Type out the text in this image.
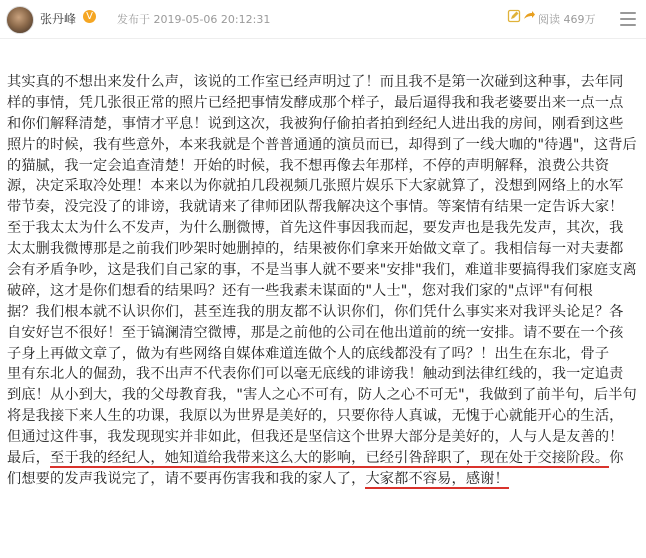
张丹峰	V 发布于 2019-05-06 20:12:31	阅读 469万
其实真的不想出来发什么声，该说的工作室已经声明过了！而且我不是第一次碰到这种事，去年同
样的事情，凭几张很正常的照片已经把事情发酵成那个样子，最后逼得我和我老婆要出来一点一点
和你们解释清楚，事情才平息！说到这次，我被狗仔偷拍者拍到经纪人进出我的房间，刚看到这些
照片的时候，我有些意外，本来我就是个普普通通的演员而已，却得到了一线大咖的"待遇"，这背后
的猫腻，我一定会追查清楚！开始的时候，我不想再像去年那样，不停的声明解释，浪费公共资
源，决定采取冷处理！本来以为你就拍几段视频几张照片娱乐下大家就算了，没想到网络上的水军
带节奏，没完没了的诽谤，我就请来了律师团队帮我解决这个事情。等案情有结果一定告诉大家！
至于我太太为什么不发声，为什么删微博，首先这件事因我而起，要发声也是我先发声，其次，我
太太删我微博那是之前我们吵架时她删掉的，结果被你们拿来开始做文章了。我相信每一对夫妻都
会有矛盾争吵，这是我们自己家的事，不是当事人就不要来"安排"我们，难道非要搞得我们家庭支离
破碎，这才是你们想看的结果吗？还有一些我素未谋面的"人士"，您对我们家的"点评"有何根
据？我们根本就不认识你们，甚至连我的朋友都不认识你们，你们凭什么事实来对我评头论足？各
自安好岂不很好！至于镐澜清空微博，那是之前他的公司在他出道前的统一安排。请不要在一个孩
子身上再做文章了，做为有些网络自媒体难道连做个人的底线都没有了吗？！出生在东北，骨子
里有东北人的倔劲，我不出声不代表你们可以毫无底线的诽谤我！触动到法律红线的，我一定追责
到底！从小到大，我的父母教育我，"害人之心不可有，防人之心不可无"，我做到了前半句，后半句
将是我接下来人生的功课，我原以为世界是美好的，只要你待人真诚，无愧于心就能开心的生活，
但通过这件事，我发现现实并非如此，但我还是坚信这个世界大部分是美好的，人与人是友善的！
最后，至于我的经纪人，她知道给我带来这么大的影响，已经引咎辞职了，现在处于交接阶段。你
们想要的发声我说完了，请不要再伤害我和我的家人了，大家都不容易，感谢！
